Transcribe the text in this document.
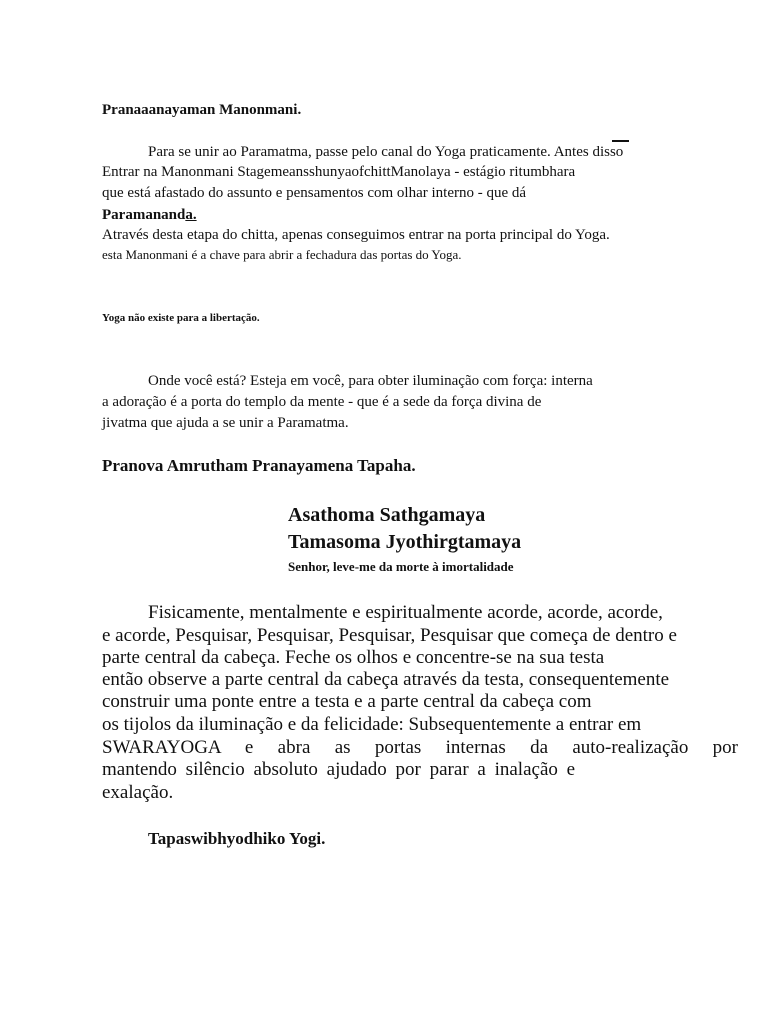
Pranaaanayaman Manonmani.

Para se unir ao Paramatma, passe pelo canal do Yoga praticamente. Antes disso

Entrar na Manonmani StagemeansshunyaofchittManolaya - estágio ritumbhara

que está afastado do assunto e pensamentos com olhar interno - que dá

Paramananda.

Através desta etapa do chitta, apenas conseguimos entrar na porta principal do Yoga.

esta Manonmani é a chave para abrir a fechadura das portas do Yoga.

Yoga não existe para a libertação.

Onde você está? Esteja em você, para obter iluminação com força: interna

a adoração é a porta do templo da mente - que é a sede da força divina de

jivatma que ajuda a se unir a Paramatma.

Pranova Amrutham Pranayamena Tapaha.

Asathoma Sathgamaya

Tamasoma Jyothirgtamaya

Senhor, leve-me da morte à imortalidade

Fisicamente, mentalmente e espiritualmente acorde, acorde, acorde,

e acorde, Pesquisar, Pesquisar, Pesquisar, Pesquisar que começa de dentro e

parte central da cabeça. Feche os olhos e concentre-se na sua testa

então observe a parte central da cabeça através da testa, consequentemente

construir uma ponte entre a testa e a parte central da cabeça com

os tijolos da iluminação e da felicidade: Subsequentemente a entrar em

SWARAYOGA e abra as portas internas da auto-realização por

mantendo silêncio absoluto ajudado por parar a inalação e

exalação.

Tapaswibhyodhiko Yogi.
